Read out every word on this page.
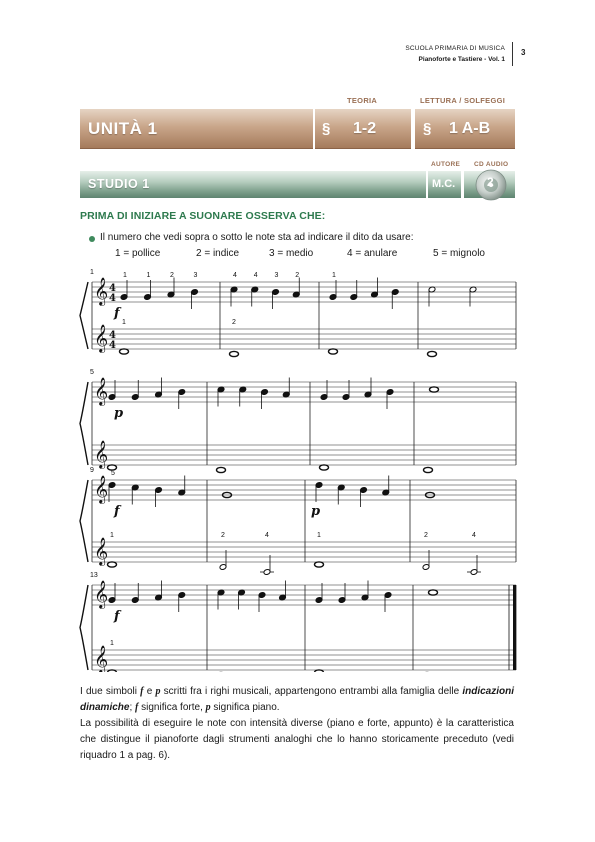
SCUOLA PRIMARIA DI MUSICA
Pianoforte e Tastiere - Vol. 1
3
TEORIA	LETTURA / SOLFEGGI
UNITÀ 1	§ 1-2	§ 1 A-B
AUTORE CD AUDIO
STUDIO 1	M.C.	2
PRIMA DI INIZIARE A SUONARE OSSERVA CHE:
Il numero che vedi sopra o sotto le note sta ad indicare il dito da usare:
1 = pollice	2 = indice	3 = medio	4 = anulare	5 = mignolo
𝄞
𝄞
4
4
4
4
1	1	1	2	3	4 4 3 2	1
1	2
f
𝄞
𝄞
5
p
𝄞
𝄞
9 5
1	2	4	1	2	4
f	p
𝄞
𝄞
13
1
f
I due simboli f e p scritti fra i righi musicali, appartengono entrambi alla famiglia delle indicazioni dinamiche; f significa forte, p significa piano.
La possibilità di eseguire le note con intensità diverse (piano e forte, appunto) è la caratteristica che distingue il pianoforte dagli strumenti analoghi che lo hanno storicamente preceduto (vedi riquadro 1 a pag. 6).
